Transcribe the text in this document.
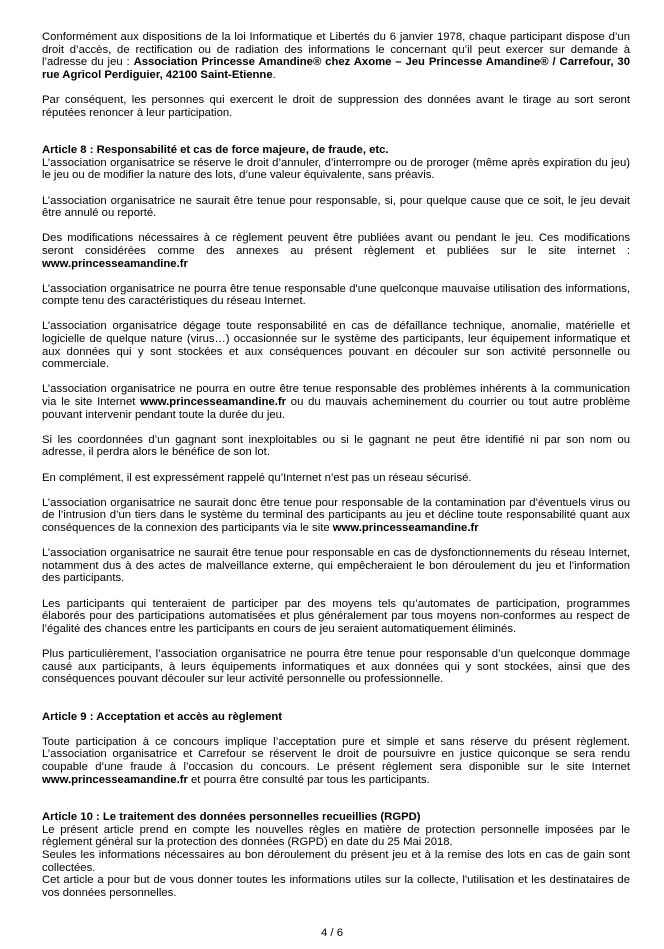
Conformément aux dispositions de la loi Informatique et Libertés du 6 janvier 1978, chaque participant dispose d’un droit d’accès, de rectification ou de radiation des informations le concernant qu’il peut exercer sur demande à l’adresse du jeu : Association Princesse Amandine® chez Axome – Jeu Princesse Amandine® / Carrefour, 30 rue Agricol Perdiguier, 42100 Saint-Etienne.

Par conséquent, les personnes qui exercent le droit de suppression des données avant le tirage au sort seront réputées renoncer à leur participation.

Article 8 : Responsabilité et cas de force majeure, de fraude, etc.

L’association organisatrice se réserve le droit d’annuler, d’interrompre ou de proroger (même après expiration du jeu) le jeu ou de modifier la nature des lots, d’une valeur équivalente, sans préavis.

L’association organisatrice ne saurait être tenue pour responsable, si, pour quelque cause que ce soit, le jeu devait être annulé ou reporté.

Des modifications nécessaires à ce règlement peuvent être publiées avant ou pendant le jeu. Ces modifications seront considérées comme des annexes au présent règlement et publiées sur le site internet : www.princesseamandine.fr

L’association organisatrice ne pourra être tenue responsable d'une quelconque mauvaise utilisation des informations, compte tenu des caractéristiques du réseau Internet.

L’association organisatrice dégage toute responsabilité en cas de défaillance technique, anomalie, matérielle et logicielle de quelque nature (virus…) occasionnée sur le système des participants, leur équipement informatique et aux données qui y sont stockées et aux conséquences pouvant en découler sur son activité personnelle ou commerciale.

L’association organisatrice ne pourra en outre être tenue responsable des problèmes inhérents à la communication via le site Internet www.princesseamandine.fr ou du mauvais acheminement du courrier ou tout autre problème pouvant intervenir pendant toute la durée du jeu.

Si les coordonnées d’un gagnant sont inexploitables ou si le gagnant ne peut être identifié ni par son nom ou adresse, il perdra alors le bénéfice de son lot.

En complément, il est expressément rappelé qu’Internet n’est pas un réseau sécurisé.

L’association organisatrice ne saurait donc être tenue pour responsable de la contamination par d’éventuels virus ou de l’intrusion d’un tiers dans le système du terminal des participants au jeu et décline toute responsabilité quant aux conséquences de la connexion des participants via le site www.princesseamandine.fr

L’association organisatrice ne saurait être tenue pour responsable en cas de dysfonctionnements du réseau Internet, notamment dus à des actes de malveillance externe, qui empêcheraient le bon déroulement du jeu et l’information des participants.

Les participants qui tenteraient de participer par des moyens tels qu’automates de participation, programmes élaborés pour des participations automatisées et plus généralement par tous moyens non-conformes au respect de l’égalité des chances entre les participants en cours de jeu seraient automatiquement éliminés.

Plus particulièrement, l’association organisatrice ne pourra être tenue pour responsable d’un quelconque dommage causé aux participants, à leurs équipements informatiques et aux données qui y sont stockées, ainsi que des conséquences pouvant découler sur leur activité personnelle ou professionnelle.

Article 9 : Acceptation et accès au règlement

Toute participation à ce concours implique l’acceptation pure et simple et sans réserve du présent règlement. L’association organisatrice et Carrefour se réservent le droit de poursuivre en justice quiconque se sera rendu coupable d’une fraude à l’occasion du concours. Le présent règlement sera disponible sur le site Internet www.princesseamandine.fr et pourra être consulté par tous les participants.

Article 10 : Le traitement des données personnelles recueillies (RGPD)

Le présent article prend en compte les nouvelles règles en matière de protection personnelle imposées par le règlement général sur la protection des données (RGPD) en date du 25 Mai 2018.

Seules les informations nécessaires au bon déroulement du présent jeu et à la remise des lots en cas de gain sont collectées.

Cet article a pour but de vous donner toutes les informations utiles sur la collecte, l'utilisation et les destinataires de vos données personnelles.

4 / 6
